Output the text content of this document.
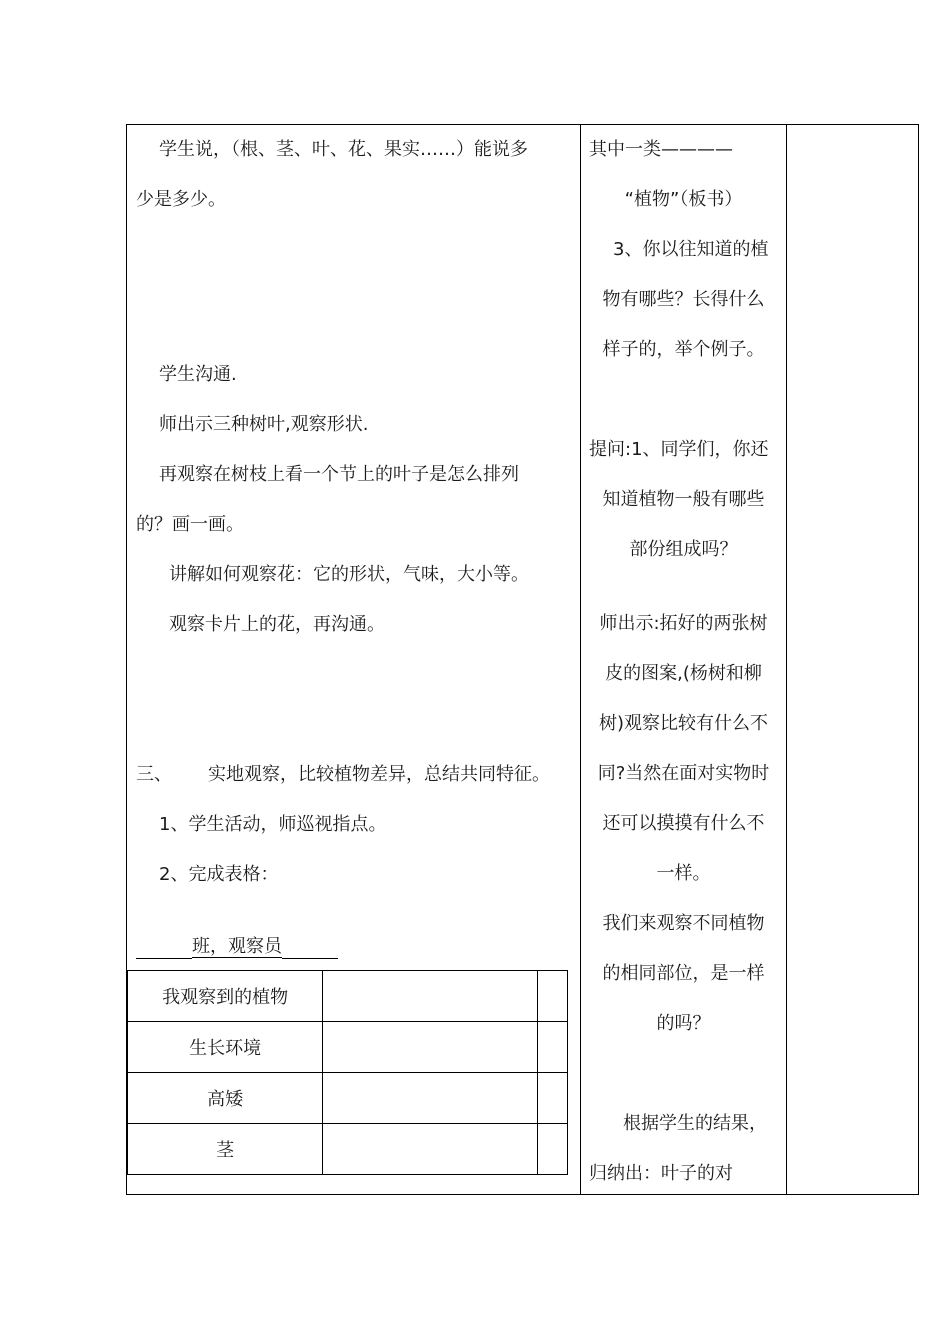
学生说，（根、茎、叶、花、果实……）能说多
少是多少。
学生沟通.
师出示三种树叶,观察形状.
再观察在树枝上看一个节上的叶子是怎么排列
的？画一画。
讲解如何观察花：它的形状，气味，大小等。
观察卡片上的花，再沟通。
三、 实地观察，比较植物差异，总结共同特征。
1、学生活动，师巡视指点。
2、完成表格：
班，观察员
我观察到的植物		
生长环境		
高矮		
茎		
其中一类————
“植物”（板书）
3、你以往知道的植
物有哪些？长得什么
样子的，举个例子。
提问:1、同学们，你还
知道植物一般有哪些
部份组成吗？
师出示:拓好的两张树
皮的图案,(杨树和柳
树)观察比较有什么不
同?当然在面对实物时
还可以摸摸有什么不
一样。
我们来观察不同植物
的相同部位，是一样
的吗？
根据学生的结果，
归纳出：叶子的对
